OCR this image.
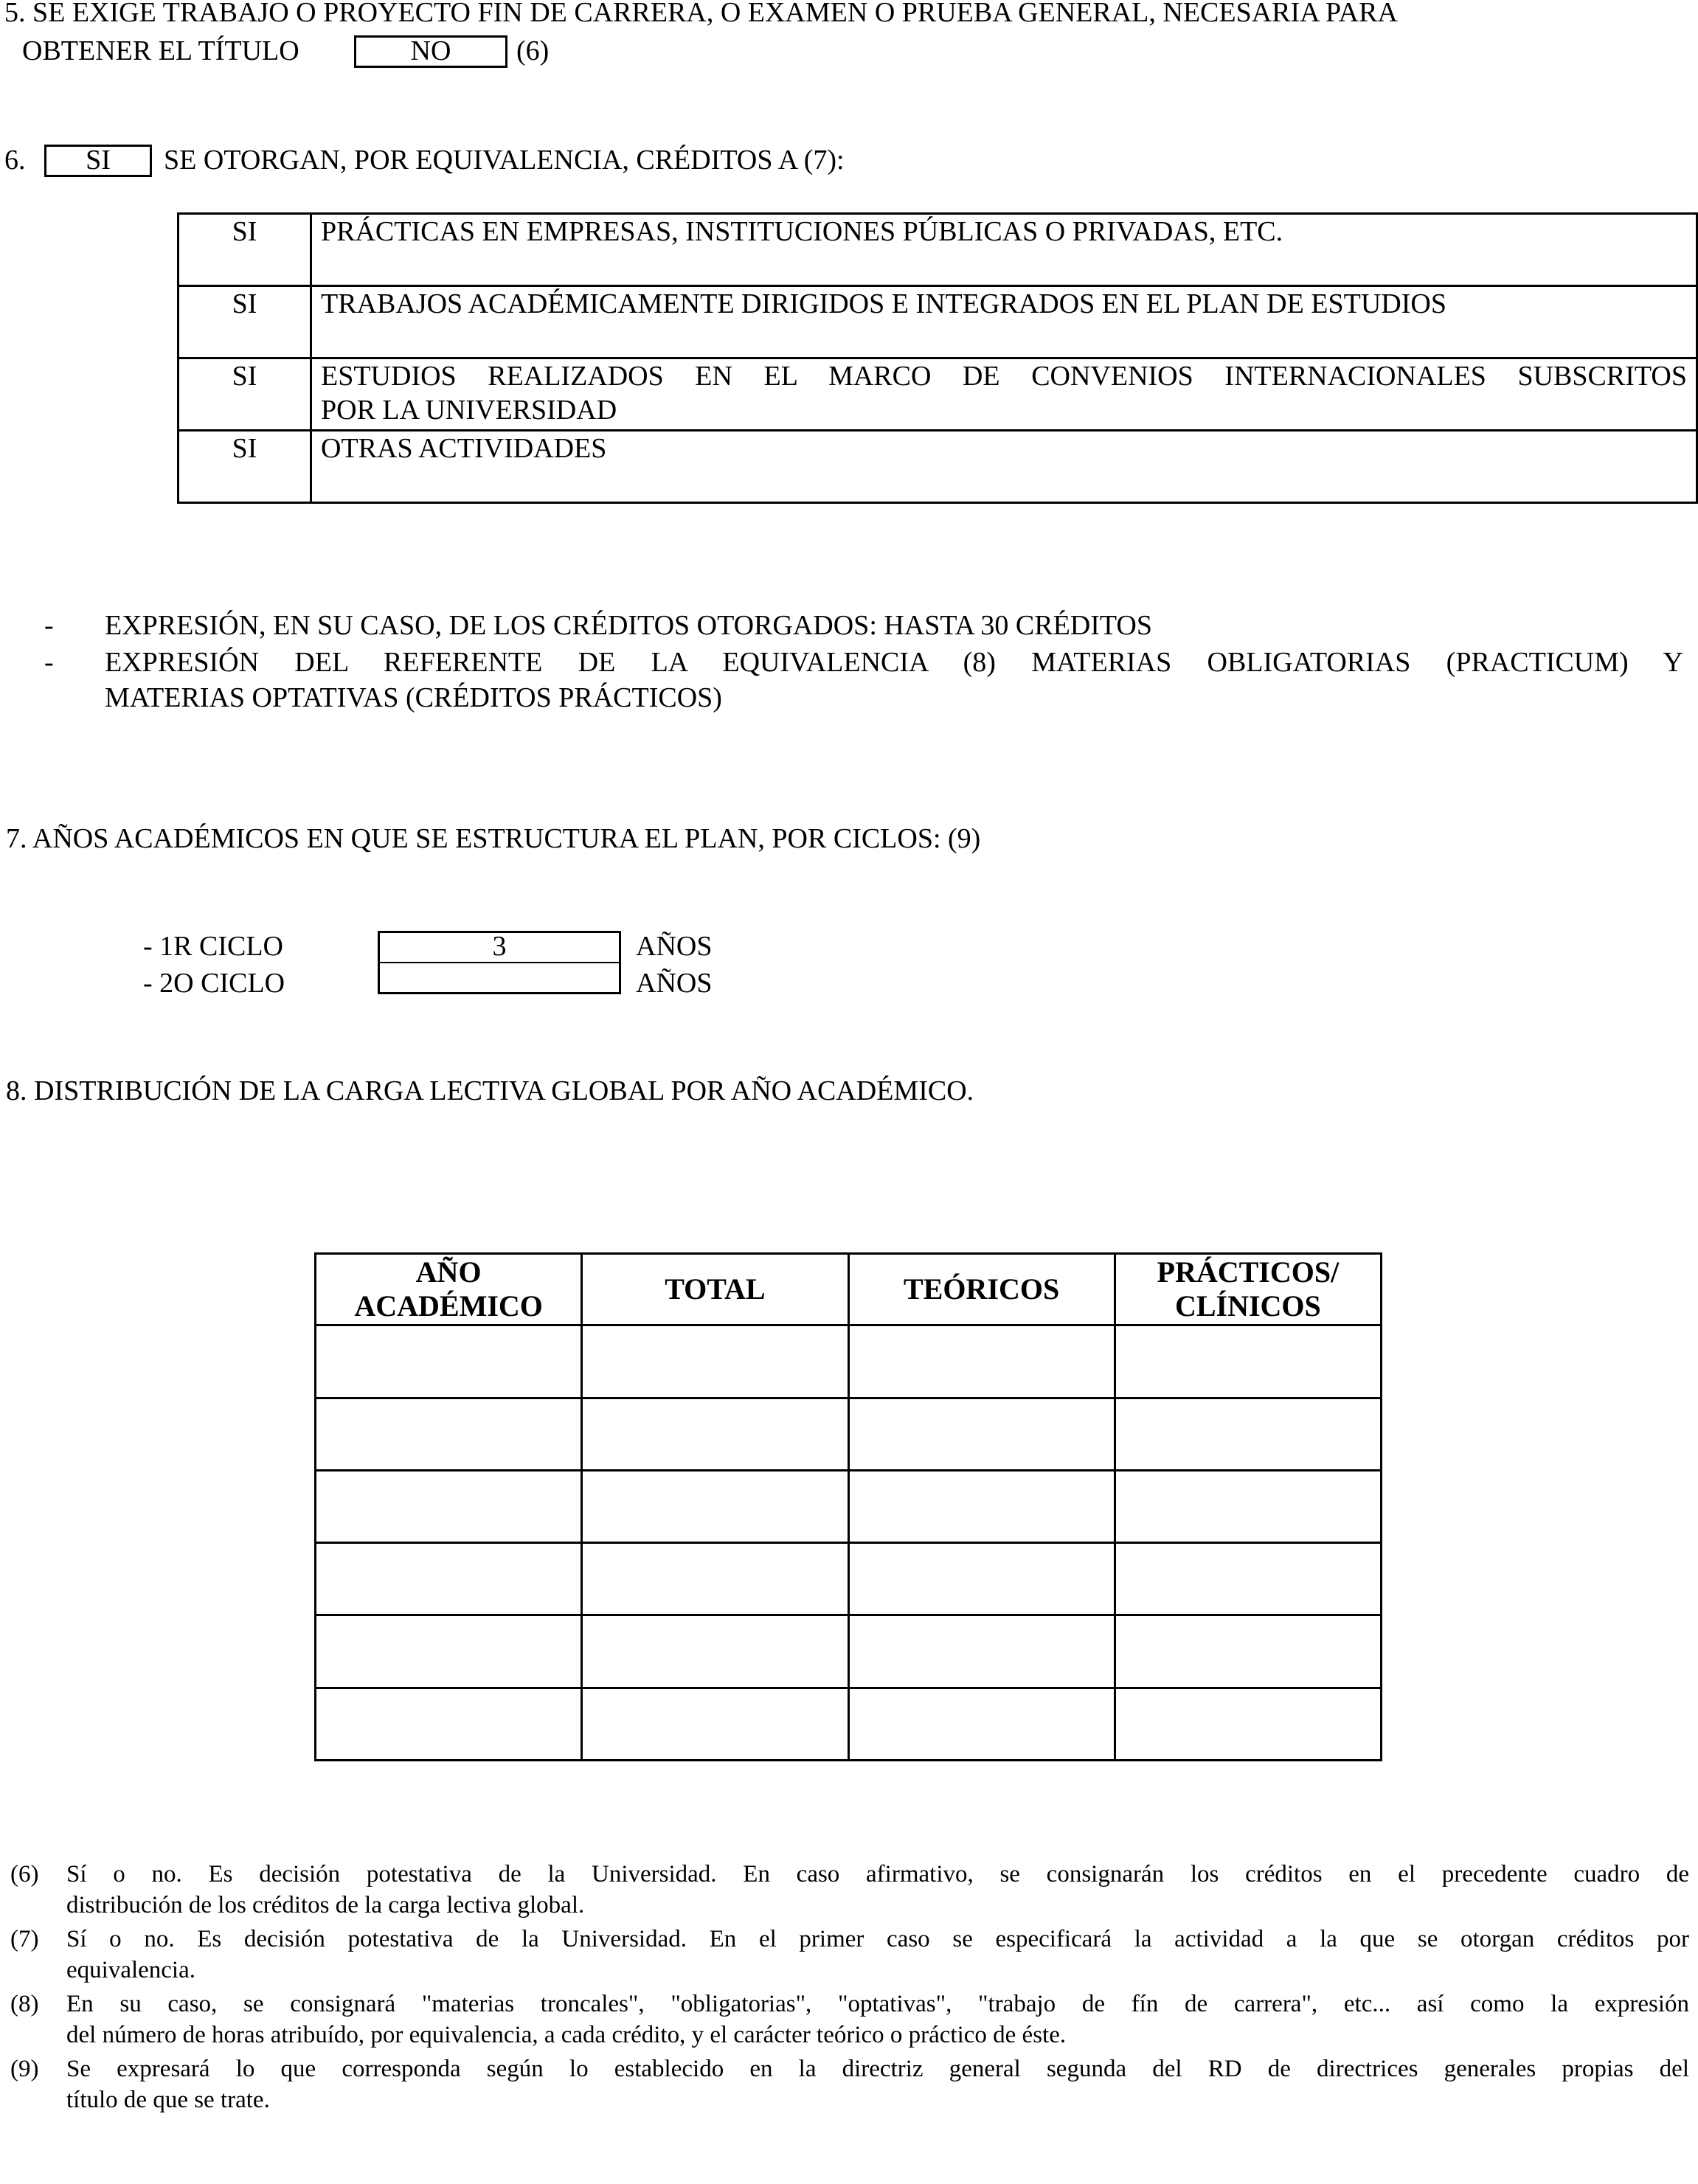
5. SE EXIGE TRABAJO O PROYECTO FIN DE CARRERA, O EXAMEN O PRUEBA GENERAL, NECESARIA PARA
OBTENER EL TÍTULO	NO	(6)
6.	SI	SE OTORGAN, POR EQUIVALENCIA, CRÉDITOS A (7):
SI	PRÁCTICAS EN EMPRESAS, INSTITUCIONES PÚBLICAS O PRIVADAS, ETC.
SI	TRABAJOS ACADÉMICAMENTE DIRIGIDOS E INTEGRADOS EN EL PLAN DE ESTUDIOS
SI	ESTUDIOS REALIZADOS EN EL MARCO DE CONVENIOS INTERNACIONALES SUBSCRITOS
POR LA UNIVERSIDAD
SI	OTRAS ACTIVIDADES
- EXPRESIÓN, EN SU CASO, DE LOS CRÉDITOS OTORGADOS: HASTA 30 CRÉDITOS
- EXPRESIÓN DEL REFERENTE DE LA EQUIVALENCIA (8) MATERIAS OBLIGATORIAS (PRACTICUM) Y
MATERIAS OPTATIVAS (CRÉDITOS PRÁCTICOS)
7. AÑOS ACADÉMICOS EN QUE SE ESTRUCTURA EL PLAN, POR CICLOS: (9)
- 1R CICLO	3	AÑOS
- 2O CICLO	AÑOS
8. DISTRIBUCIÓN DE LA CARGA LECTIVA GLOBAL POR AÑO ACADÉMICO.
AÑO
ACADÉMICO	TOTAL	TEÓRICOS	PRÁCTICOS/
CLÍNICOS

(6) Sí o no. Es decisión potestativa de la Universidad. En caso afirmativo, se consignarán los créditos en el precedente cuadro de
distribución de los créditos de la carga lectiva global.
(7) Sí o no. Es decisión potestativa de la Universidad. En el primer caso se especificará la actividad a la que se otorgan créditos por
equivalencia.
(8) En su caso, se consignará "materias troncales", "obligatorias", "optativas", "trabajo de fín de carrera", etc... así como la expresión
del número de horas atribuído, por equivalencia, a cada crédito, y el carácter teórico o práctico de éste.
(9) Se expresará lo que corresponda según lo establecido en la directriz general segunda del RD de directrices generales propias del
título de que se trate.
